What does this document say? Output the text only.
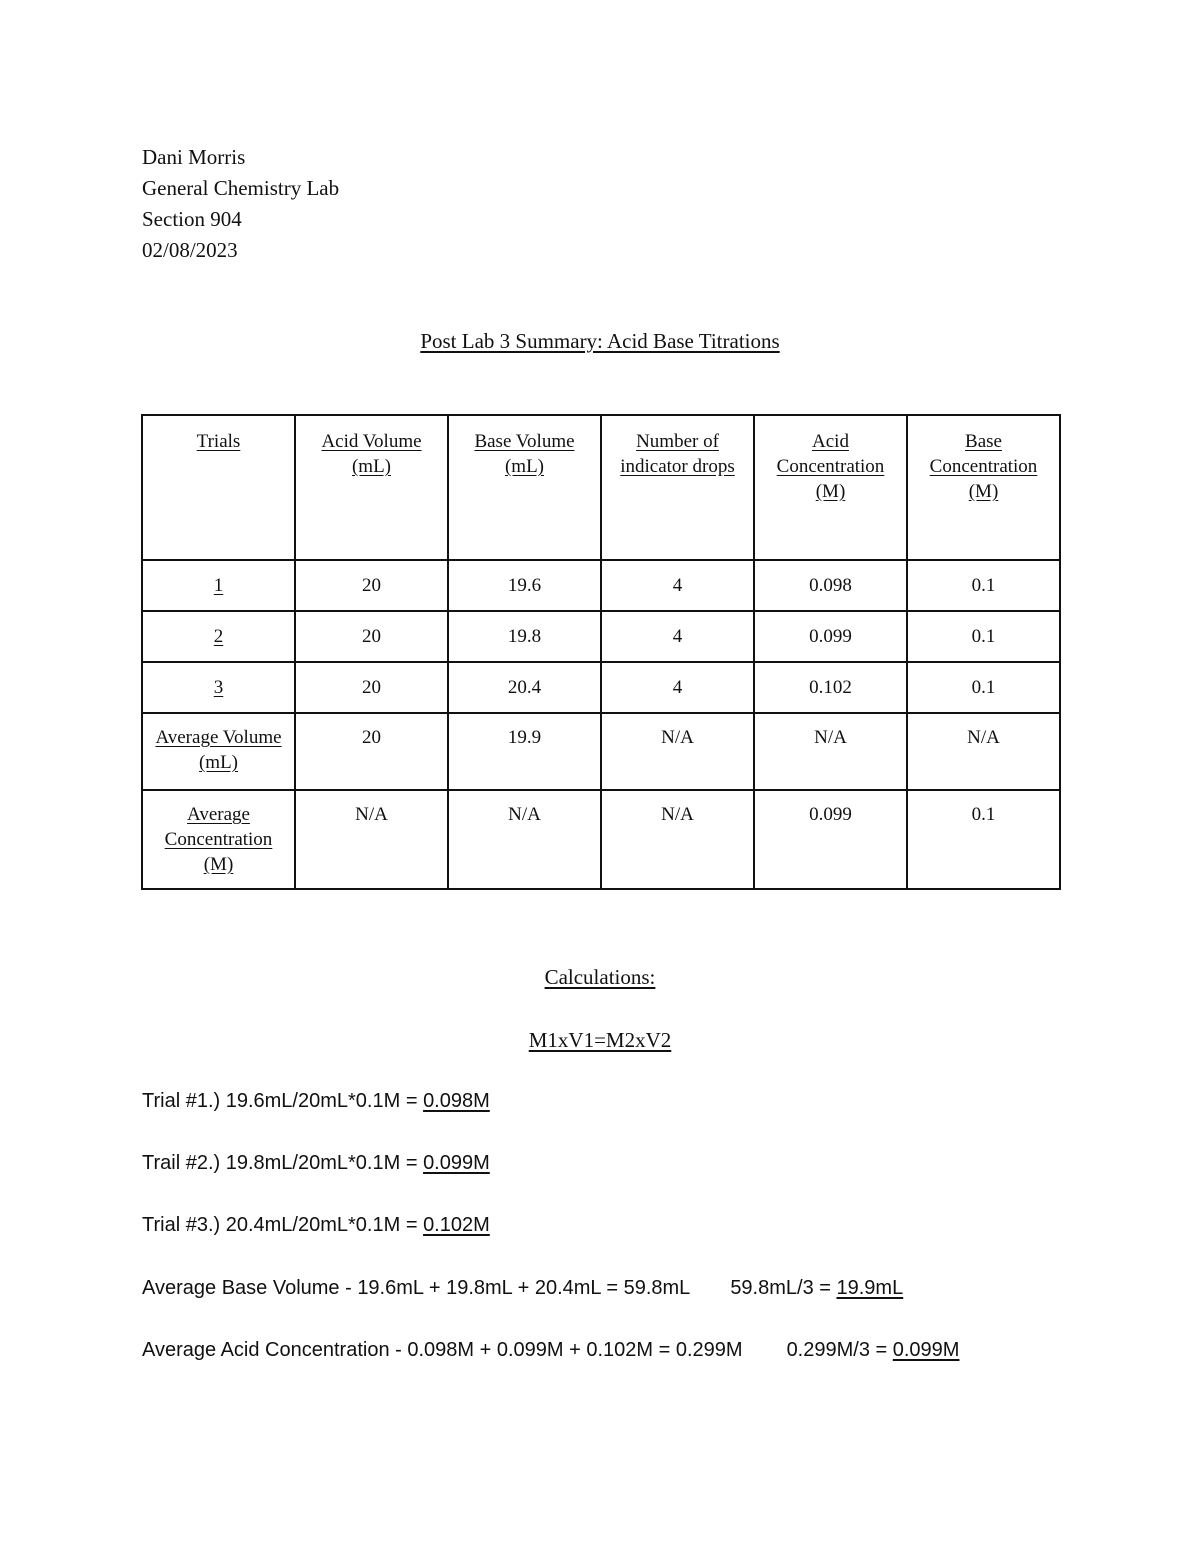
Dani Morris
General Chemistry Lab
Section 904
02/08/2023
Post Lab 3 Summary: Acid Base Titrations
Trials	Acid Volume (mL)	Base Volume (mL)	Number of indicator drops	Acid Concentration (M)	Base Concentration (M)
1	20	19.6	4	0.098	0.1
2	20	19.8	4	0.099	0.1
3	20	20.4	4	0.102	0.1
Average Volume (mL)	20	19.9	N/A	N/A	N/A
Average Concentration (M)	N/A	N/A	N/A	0.099	0.1
Calculations:
M1xV1=M2xV2
Trial #1.) 19.6mL/20mL*0.1M = 0.098M
Trail #2.) 19.8mL/20mL*0.1M = 0.099M
Trial #3.) 20.4mL/20mL*0.1M = 0.102M
Average Base Volume - 19.6mL + 19.8mL + 20.4mL = 59.8mL 59.8mL/3 = 19.9mL
Average Acid Concentration - 0.098M + 0.099M + 0.102M = 0.299M 0.299M/3 = 0.099M
